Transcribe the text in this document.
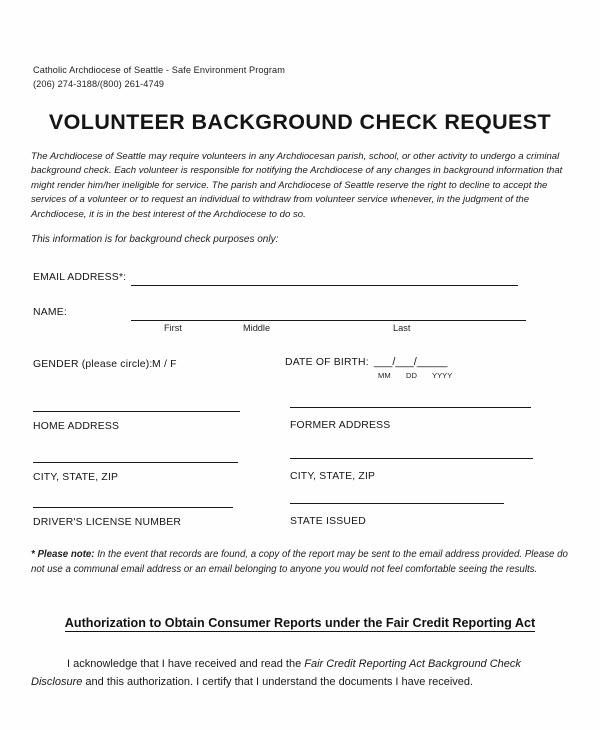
Catholic Archdiocese of Seattle - Safe Environment Program
(206) 274-3188/(800) 261-4749
VOLUNTEER BACKGROUND CHECK REQUEST
The Archdiocese of Seattle may require volunteers in any Archdiocesan parish, school, or other activity to undergo a criminal background check. Each volunteer is responsible for notifying the Archdiocese of any changes in background information that might render him/her ineligible for service. The parish and Archdiocese of Seattle reserve the right to decline to accept the services of a volunteer or to request an individual to withdraw from volunteer service whenever, in the judgment of the Archdiocese, it is in the best interest of the Archdiocese to do so.
This information is for background check purposes only:
EMAIL ADDRESS*:
NAME:
First	Middle	Last
GENDER (please circle): M / F	DATE OF BIRTH: ___/___/_____
MM DD YYYY
HOME ADDRESS	FORMER ADDRESS
CITY, STATE, ZIP	CITY, STATE, ZIP
DRIVER'S LICENSE NUMBER	STATE ISSUED
* Please note: In the event that records are found, a copy of the report may be sent to the email address provided. Please do not use a communal email address or an email belonging to anyone you would not feel comfortable seeing the results.
Authorization to Obtain Consumer Reports under the Fair Credit Reporting Act
I acknowledge that I have received and read the Fair Credit Reporting Act Background Check Disclosure and this authorization. I certify that I understand the documents I have received.
